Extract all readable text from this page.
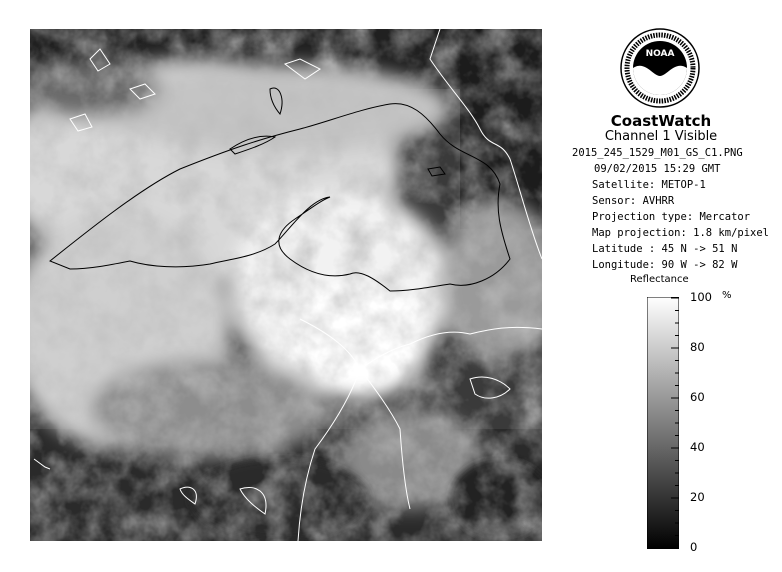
NOAA
CoastWatch
Channel 1 Visible
2015_245_1529_M01_GS_C1.PNG
09/02/2015 15:29 GMT
Satellite: METOP-1
Sensor: AVHRR
Projection type: Mercator
Map projection: 1.8 km/pixel
Latitude : 45 N -> 51 N
Longitude: 90 W -> 82 W
Reflectance
%
100
80
60
40
20
0
